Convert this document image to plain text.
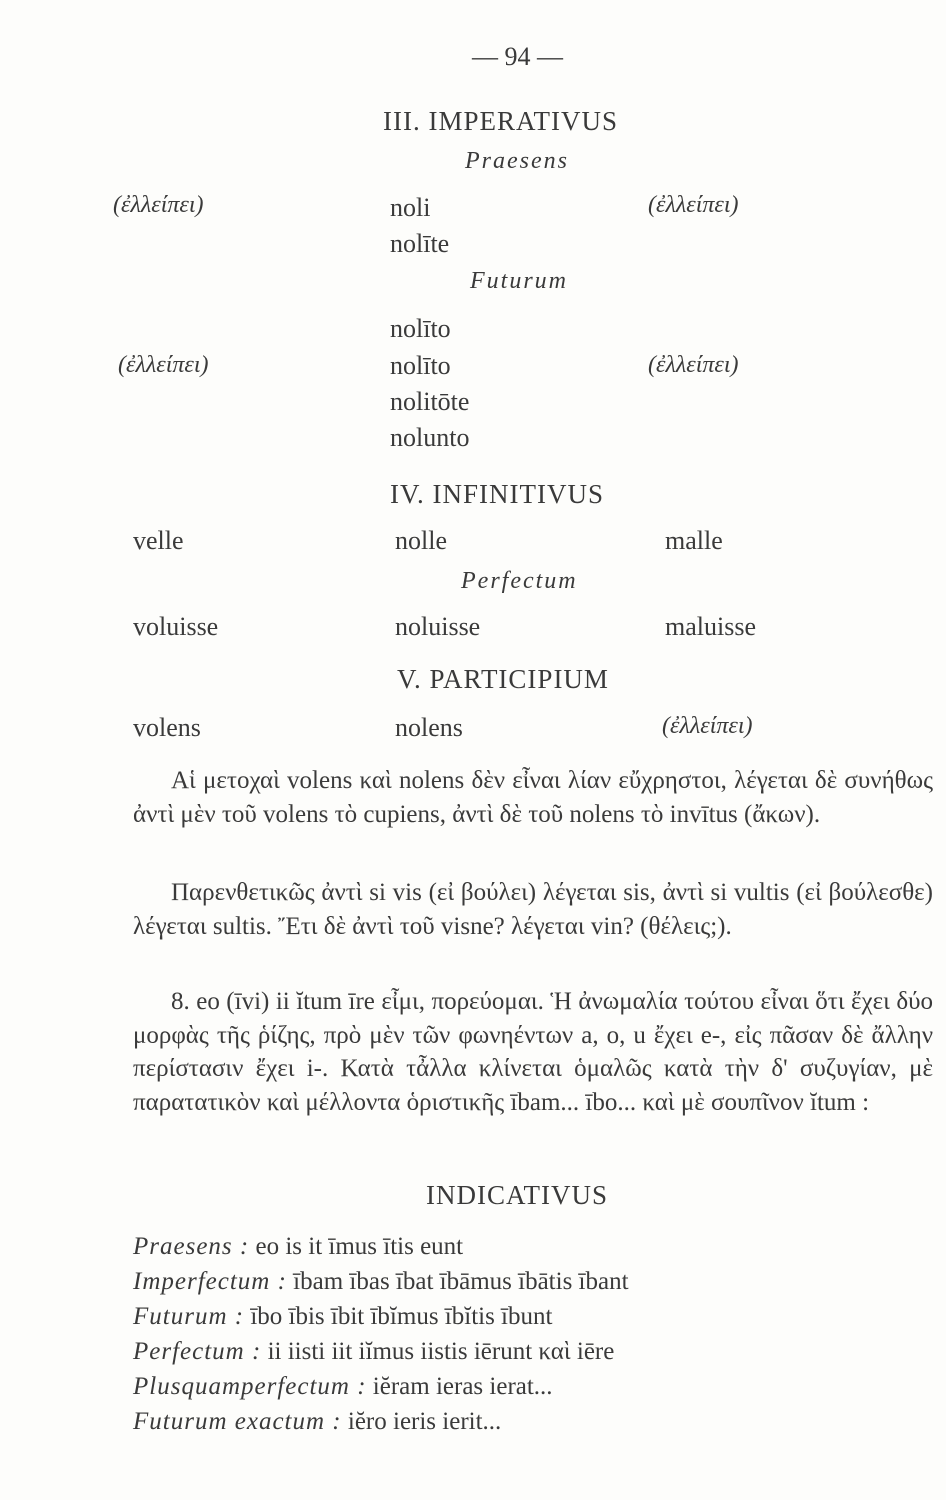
— 94 —
III. IMPERATIVUS
Praesens
(ἐλλείπει)	noli	(ἐλλείπει)
nolīte
Futurum
nolīto
(ἐλλείπει)	nolīto	(ἐλλείπει)
nolitōte
nolunto
IV. INFINITIVUS
velle	nolle	malle
Perfectum
voluisse	noluisse	maluisse
V. PARTICIPIUM
volens	nolens	(ἐλλείπει)
Αἱ μετοχαὶ volens καὶ nolens δὲν εἶναι λίαν εὔχρηστοι, λέγεται δὲ συνήθως ἀντὶ μὲν τοῦ volens τὸ cupiens, ἀντὶ δὲ τοῦ nolens τὸ invītus (ἄκων).
Παρενθετικῶς ἀντὶ si vis (εἰ βούλει) λέγεται sis, ἀντὶ si vultis (εἰ βούλεσθε) λέγεται sultis. Ἔτι δὲ ἀντὶ τοῦ visne? λέγεται vin? (θέλεις;).
8. eo (īvi) ii ĭtum īre εἶμι, πορεύομαι. Ἡ ἀνωμαλία τούτου εἶναι ὅτι ἔχει δύο μορφὰς τῆς ῥίζης, πρὸ μὲν τῶν φωνηέντων a, o, u ἔχει e-, εἰς πᾶσαν δὲ ἄλλην περίστασιν ἔχει i-. Κατὰ τἆλλα κλίνεται ὁμαλῶς κατὰ τὴν δ' συζυγίαν, μὲ παρατατικὸν καὶ μέλλοντα ὁριστικῆς ībam... ībo... καὶ μὲ σουπῖνον ĭtum :
INDICATIVUS
Praesens : eo is it īmus ītis eunt
Imperfectum : ībam ības ībat ībāmus ībātis ībant
Futurum : ībo ībis ībit ībĭmus ībĭtis ībunt
Perfectum : ii iisti iit iĭmus iistis iērunt καὶ iēre
Plusquamperfectum : iĕram ieras ierat...
Futurum exactum : iĕro ieris ierit...
